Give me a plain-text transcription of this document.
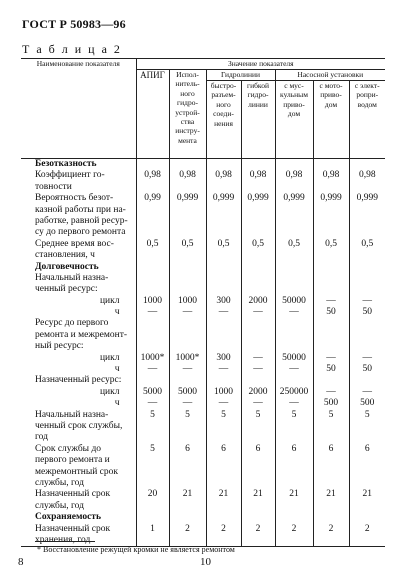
ГОСТ Р 50983—96
Т а б л и ц а 2
Наименование показателя	Значение показателя						
	АПИГ	Испол-нитель-ного гидро-устрой-ства инстру-мента	Гидролинии		Насосной установки		
			быстро-разъем-ного соеди-нения	гибкой гидро-линии	с мус-кульным приво-дом	с мото-приво-дом	с элект-ропри-водом
Безотказность							
Коэффициент го-товности	0,98	0,98	0,98	0,98	0,98	0,98	0,98
Вероятность безот-казной работы при на-работке, равной ресур-су до первого ремонта	0,99	0,999	0,999	0,999	0,999	0,999	0,999
Среднее время вос-становления, ч	0,5	0,5	0,5	0,5	0,5	0,5	0,5
Долговечность							
Начальный назна-ченный ресурс:							
цикл	1000	1000	300	2000	50000	—	—
ч	—	—	—	—	—	50	50
Ресурс до первого ремонта и межремонт-ный ресурс:							
цикл	1000*	1000*	300	—	50000	—	—
ч	—	—	—	—	—	50	50
Назначенный ресурс:							
цикл	5000	5000	1000	2000	250000	—	—
ч	—	—	—	—	—	500	500
Начальный назна-ченный срок службы, год	5	5	5	5	5	5	5
Срок службы до первого ремонта и межремонтный срок службы, год	5	6	6	6	6	6	6
Назначенный срок службы, год	20	21	21	21	21	21	21
Сохраняемость							
Назначенный срок хранения, год	1	2	2	2	2	2	2
* Восстановление режущей кромки не является ремонтом
8	10
